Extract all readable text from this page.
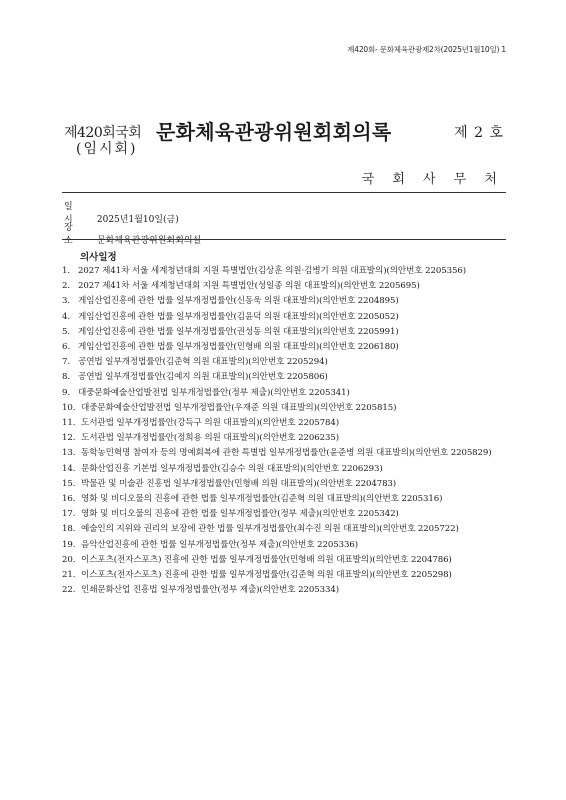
제420회- 문화체육관광제2차(2025년1월10일) 1
제420회국회 문화체육관광위원회회의록	제 2 호
(임시회)
국 회 사 무 처
일 시 2025년1월10일(금)
장 소 문화체육관광위원회회의실
의사일정
1. 2027 제41차 서울 세계청년대회 지원 특별법안(김상훈 의원·김병기 의원 대표발의)(의안번호 2205356)
2. 2027 제41차 서울 세계청년대회 지원 특별법안(성일종 의원 대표발의)(의안번호 2205695)
3. 게임산업진흥에 관한 법률 일부개정법률안(신동욱 의원 대표발의)(의안번호 2204895)
4. 게임산업진흥에 관한 법률 일부개정법률안(김윤덕 의원 대표발의)(의안번호 2205052)
5. 게임산업진흥에 관한 법률 일부개정법률안(권성동 의원 대표발의)(의안번호 2205991)
6. 게임산업진흥에 관한 법률 일부개정법률안(민형배 의원 대표발의)(의안번호 2206180)
7. 공연법 일부개정법률안(김준혁 의원 대표발의)(의안번호 2205294)
8. 공연법 일부개정법률안(김예지 의원 대표발의)(의안번호 2205806)
9. 대중문화예술산업발전법 일부개정법률안(정부 제출)(의안번호 2205341)
10. 대중문화예술산업발전법 일부개정법률안(우재준 의원 대표발의)(의안번호 2205815)
11. 도서관법 일부개정법률안(강득구 의원 대표발의)(의안번호 2205784)
12. 도서관법 일부개정법률안(정희용 의원 대표발의)(의안번호 2206235)
13. 동학농민혁명 참여자 등의 명예회복에 관한 특별법 일부개정법률안(윤준병 의원 대표발의)(의안번호 2205829)
14. 문화산업진흥 기본법 일부개정법률안(김승수 의원 대표발의)(의안번호 2206293)
15. 박물관 및 미술관 진흥법 일부개정법률안(민형배 의원 대표발의)(의안번호 2204783)
16. 영화 및 비디오물의 진흥에 관한 법률 일부개정법률안(김준혁 의원 대표발의)(의안번호 2205316)
17. 영화 및 비디오물의 진흥에 관한 법률 일부개정법률안(정부 제출)(의안번호 2205342)
18. 예술인의 지위와 권리의 보장에 관한 법률 일부개정법률안(최수진 의원 대표발의)(의안번호 2205722)
19. 음악산업진흥에 관한 법률 일부개정법률안(정부 제출)(의안번호 2205336)
20. 이스포츠(전자스포츠) 진흥에 관한 법률 일부개정법률안(민형배 의원 대표발의)(의안번호 2204786)
21. 이스포츠(전자스포츠) 진흥에 관한 법률 일부개정법률안(김준혁 의원 대표발의)(의안번호 2205298)
22. 인쇄문화산업 진흥법 일부개정법률안(정부 제출)(의안번호 2205334)
